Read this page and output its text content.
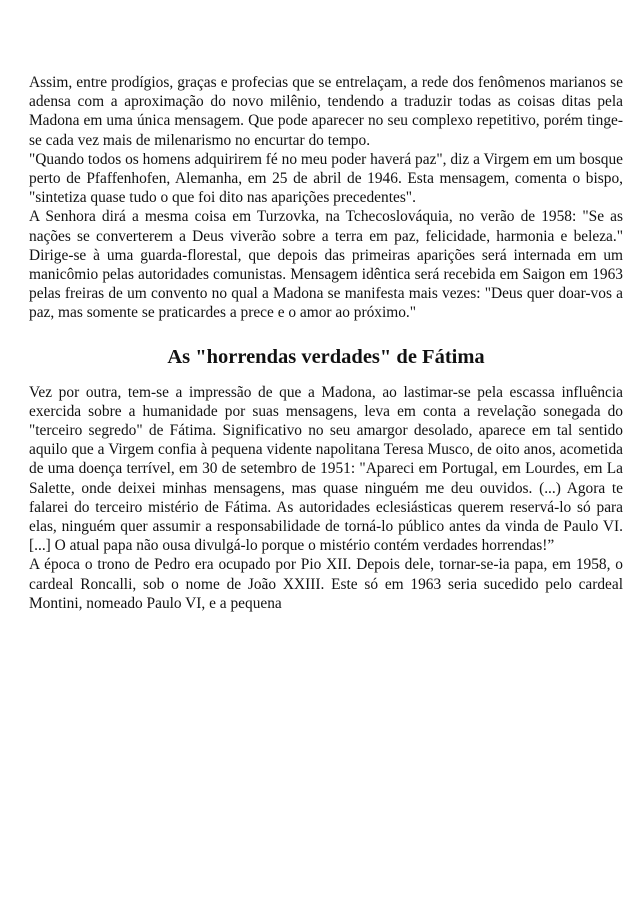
Assim, entre prodígios, graças e profecias que se entrelaçam, a rede dos fenômenos marianos se adensa com a aproximação do novo milênio, tendendo a traduzir todas as coisas ditas pela Madona em uma única mensagem. Que pode aparecer no seu complexo repetitivo, porém tinge-se cada vez mais de milenarismo no encurtar do tempo.

"Quando todos os homens adquirirem fé no meu poder haverá paz", diz a Virgem em um bosque perto de Pfaffenhofen, Alemanha, em 25 de abril de 1946. Esta mensagem, comenta o bispo, "sintetiza quase tudo o que foi dito nas aparições precedentes".

A Senhora dirá a mesma coisa em Turzovka, na Tchecoslováquia, no verão de 1958: "Se as nações se converterem a Deus viverão sobre a terra em paz, felicidade, harmonia e beleza." Dirige-se à uma guarda-florestal, que depois das primeiras aparições será internada em um manicômio pelas autoridades comunistas. Mensagem idêntica será recebida em Saigon em 1963 pelas freiras de um convento no qual a Madona se manifesta mais vezes: "Deus quer doar-vos a paz, mas somente se praticardes a prece e o amor ao próximo."

As "horrendas verdades" de Fátima

Vez por outra, tem-se a impressão de que a Madona, ao lastimar-se pela escassa influência exercida sobre a humanidade por suas mensagens, leva em conta a revelação sonegada do "terceiro segredo" de Fátima. Significativo no seu amargor desolado, aparece em tal sentido aquilo que a Virgem confia à pequena vidente napolitana Teresa Musco, de oito anos, acometida de uma doença terrível, em 30 de setembro de 1951: "Apareci em Portugal, em Lourdes, em La Salette, onde deixei minhas mensagens, mas quase ninguém me deu ouvidos. (...) Agora te falarei do terceiro mistério de Fátima. As autoridades eclesiásticas querem reservá-lo só para elas, ninguém quer assumir a responsabilidade de torná-lo público antes da vinda de Paulo VI. [...] O atual papa não ousa divulgá-lo porque o mistério contém verdades horrendas!”

A época o trono de Pedro era ocupado por Pio XII. Depois dele, tornar-se-ia papa, em 1958, o cardeal Roncalli, sob o nome de João XXIII. Este só em 1963 seria sucedido pelo cardeal Montini, nomeado Paulo VI, e a pequena
